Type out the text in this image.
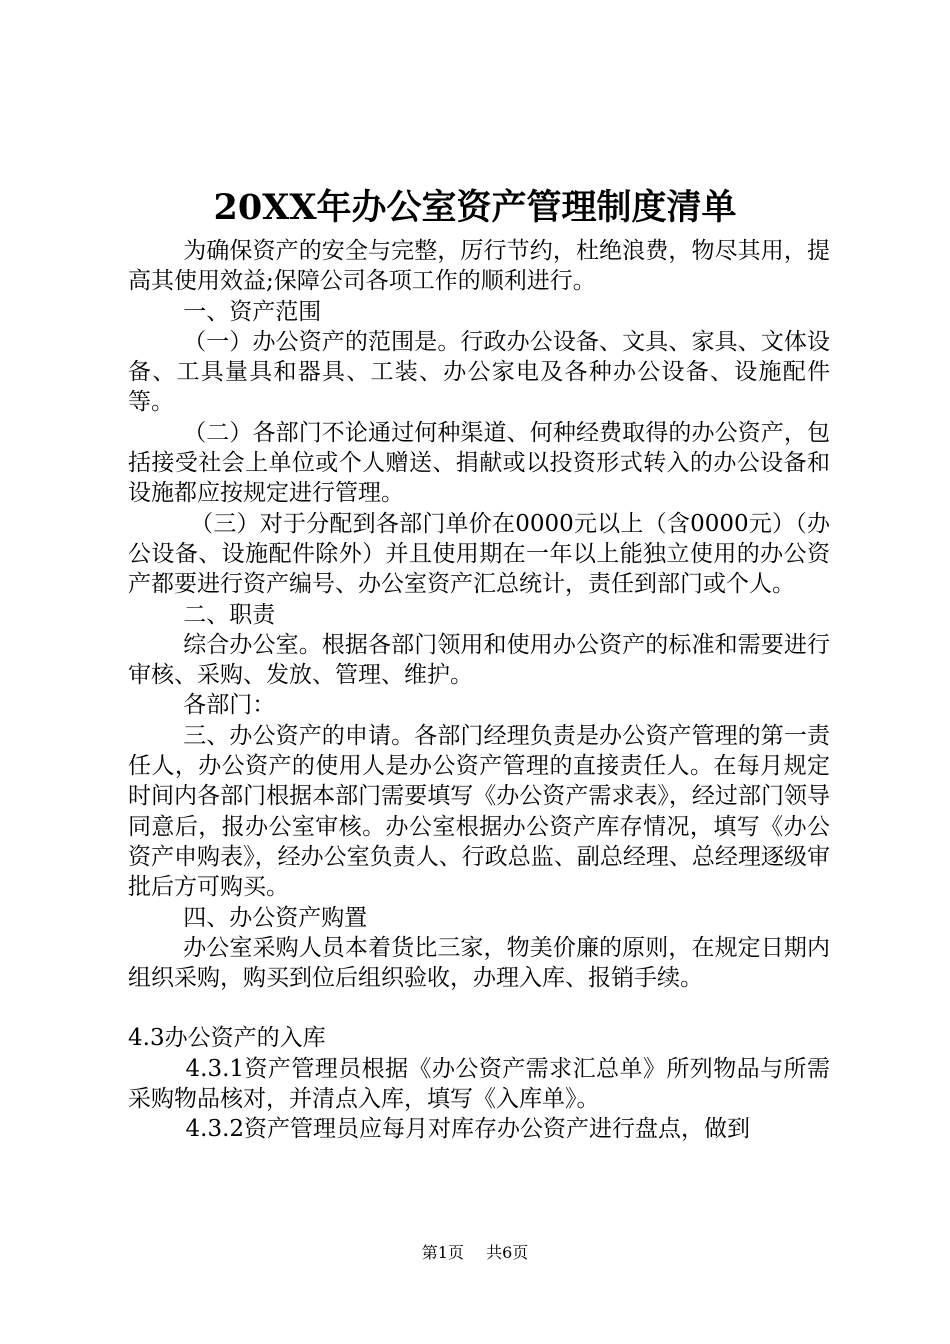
20XX年办公室资产管理制度清单

为确保资产的安全与完整，厉行节约，杜绝浪费，物尽其用，提高其使用效益;保障公司各项工作的顺利进行。

一、资产范围

（一）办公资产的范围是。行政办公设备、文具、家具、文体设备、工具量具和器具、工装、办公家电及各种办公设备、设施配件等。

（二）各部门不论通过何种渠道、何种经费取得的办公资产，包括接受社会上单位或个人赠送、捐献或以投资形式转入的办公设备和设施都应按规定进行管理。

（三）对于分配到各部门单价在0000元以上（含0000元）（办公设备、设施配件除外）并且使用期在一年以上能独立使用的办公资产都要进行资产编号、办公室资产汇总统计，责任到部门或个人。

二、职责

综合办公室。根据各部门领用和使用办公资产的标准和需要进行审核、采购、发放、管理、维护。

各部门：

三、办公资产的申请。各部门经理负责是办公资产管理的第一责任人，办公资产的使用人是办公资产管理的直接责任人。在每月规定时间内各部门根据本部门需要填写《办公资产需求表》，经过部门领导同意后，报办公室审核。办公室根据办公资产库存情况，填写《办公资产申购表》，经办公室负责人、行政总监、副总经理、总经理逐级审批后方可购买。

四、办公资产购置

办公室采购人员本着货比三家，物美价廉的原则，在规定日期内组织采购，购买到位后组织验收，办理入库、报销手续。

4.3办公资产的入库

4.3.1资产管理员根据《办公资产需求汇总单》所列物品与所需采购物品核对，并清点入库，填写《入库单》。

4.3.2资产管理员应每月对库存办公资产进行盘点，做到

第1页 共6页
